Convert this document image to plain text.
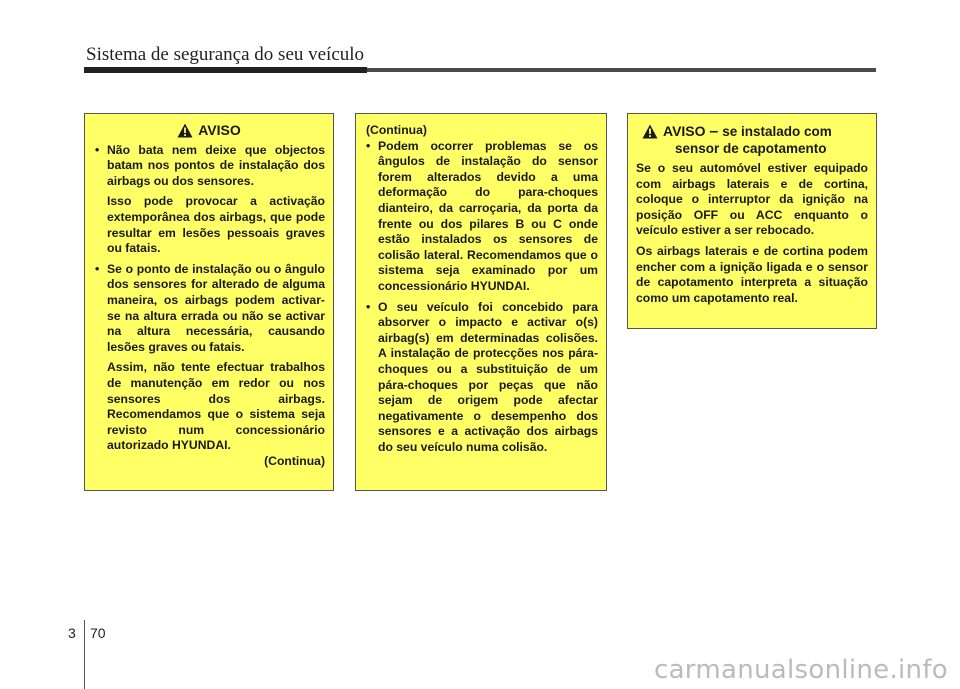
Sistema de segurança do seu veículo
AVISO
• Não bata nem deixe que objectos batam nos pontos de instalação dos airbags ou dos sensores.
Isso pode provocar a activação extemporânea dos airbags, que pode resultar em lesões pessoais graves ou fatais.
• Se o ponto de instalação ou o ângulo dos sensores for alterado de alguma maneira, os airbags podem activar-se na altura errada ou não se activar na altura necessária, causando lesões graves ou fatais.
Assim, não tente efectuar trabalhos de manutenção em redor ou nos sensores dos airbags. Recomendamos que o sistema seja revisto num concessionário autorizado HYUNDAI.
(Continua)
(Continua)
• Podem ocorrer problemas se os ângulos de instalação do sensor forem alterados devido a uma deformação do para-choques dianteiro, da carroçaria, da porta da frente ou dos pilares B ou C onde estão instalados os sensores de colisão lateral. Recomendamos que o sistema seja examinado por um concessionário HYUNDAI.
• O seu veículo foi concebido para absorver o impacto e activar o(s) airbag(s) em determinadas colisões. A instalação de protecções nos pára-choques ou a substituição de um pára-choques por peças que não sejam de origem pode afectar negativamente o desempenho dos sensores e a activação dos airbags do seu veículo numa colisão.
AVISO – se instalado com
sensor de capotamento
Se o seu automóvel estiver equipado com airbags laterais e de cortina, coloque o interruptor da ignição na posição OFF ou ACC enquanto o veículo estiver a ser rebocado.
Os airbags laterais e de cortina podem encher com a ignição ligada e o sensor de capotamento interpreta a situação como um capotamento real.
3 70
carmanualsonline.info
